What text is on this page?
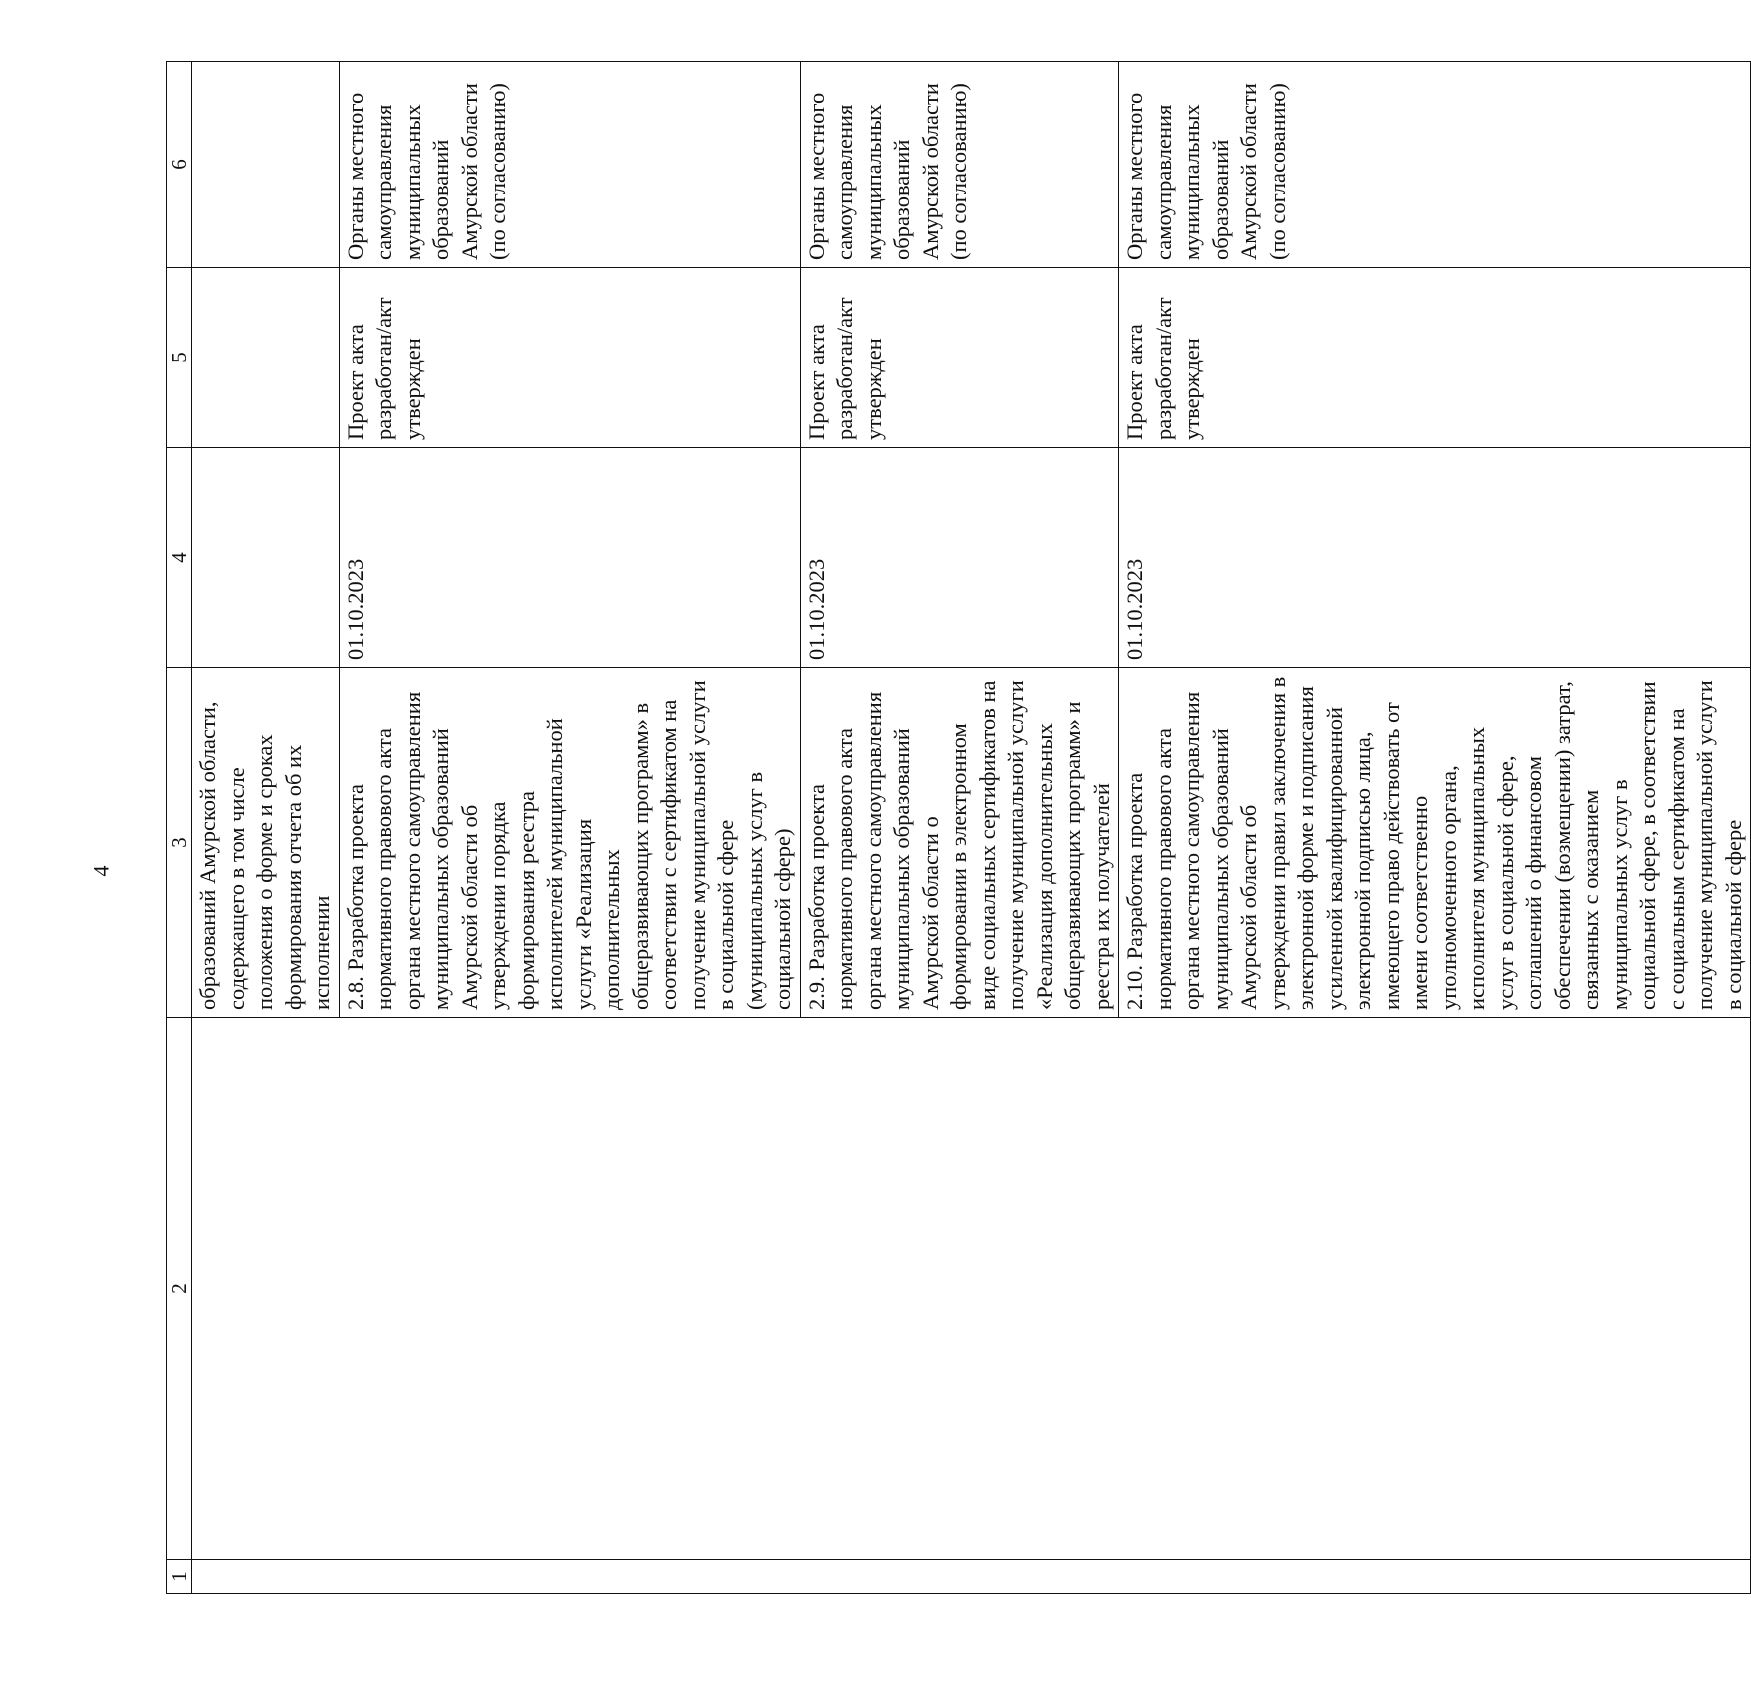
4
1	2	3	4	5	6
		образований Амурской области, содержащего в том числе положения о форме и сроках формирования отчета об их исполнении			
		2.8. Разработка проекта нормативного правового акта органа местного самоуправления муниципальных образований Амурской области об утверждении порядка формирования реестра исполнителей муниципальной услуги «Реализация дополнительных общеразвивающих программ» в соответствии с сертификатом на получение муниципальной услуги в социальной сфере (муниципальных услуг в социальной сфере)	01.10.2023	Проект акта разработан/акт утвержден	Органы местного самоуправления муниципальных образований Амурской области (по согласованию)
		2.9. Разработка проекта нормативного правового акта органа местного самоуправления муниципальных образований Амурской области о формировании в электронном виде социальных сертификатов на получение муниципальной услуги «Реализация дополнительных общеразвивающих программ» и реестра их получателей	01.10.2023	Проект акта разработан/акт утвержден	Органы местного самоуправления муниципальных образований Амурской области (по согласованию)
		2.10. Разработка проекта нормативного правового акта органа местного самоуправления муниципальных образований Амурской области об утверждении правил заключения в электронной форме и подписания усиленной квалифицированной электронной подписью лица, имеющего право действовать от имени соответственно уполномоченного органа, исполнителя муниципальных услуг в социальной сфере, соглашений о финансовом обеспечении (возмещении) затрат, связанных с оказанием муниципальных услуг в социальной сфере, в соответствии с социальным сертификатом на получение муниципальной услуги в социальной сфере	01.10.2023	Проект акта разработан/акт утвержден	Органы местного самоуправления муниципальных образований Амурской области (по согласованию)
